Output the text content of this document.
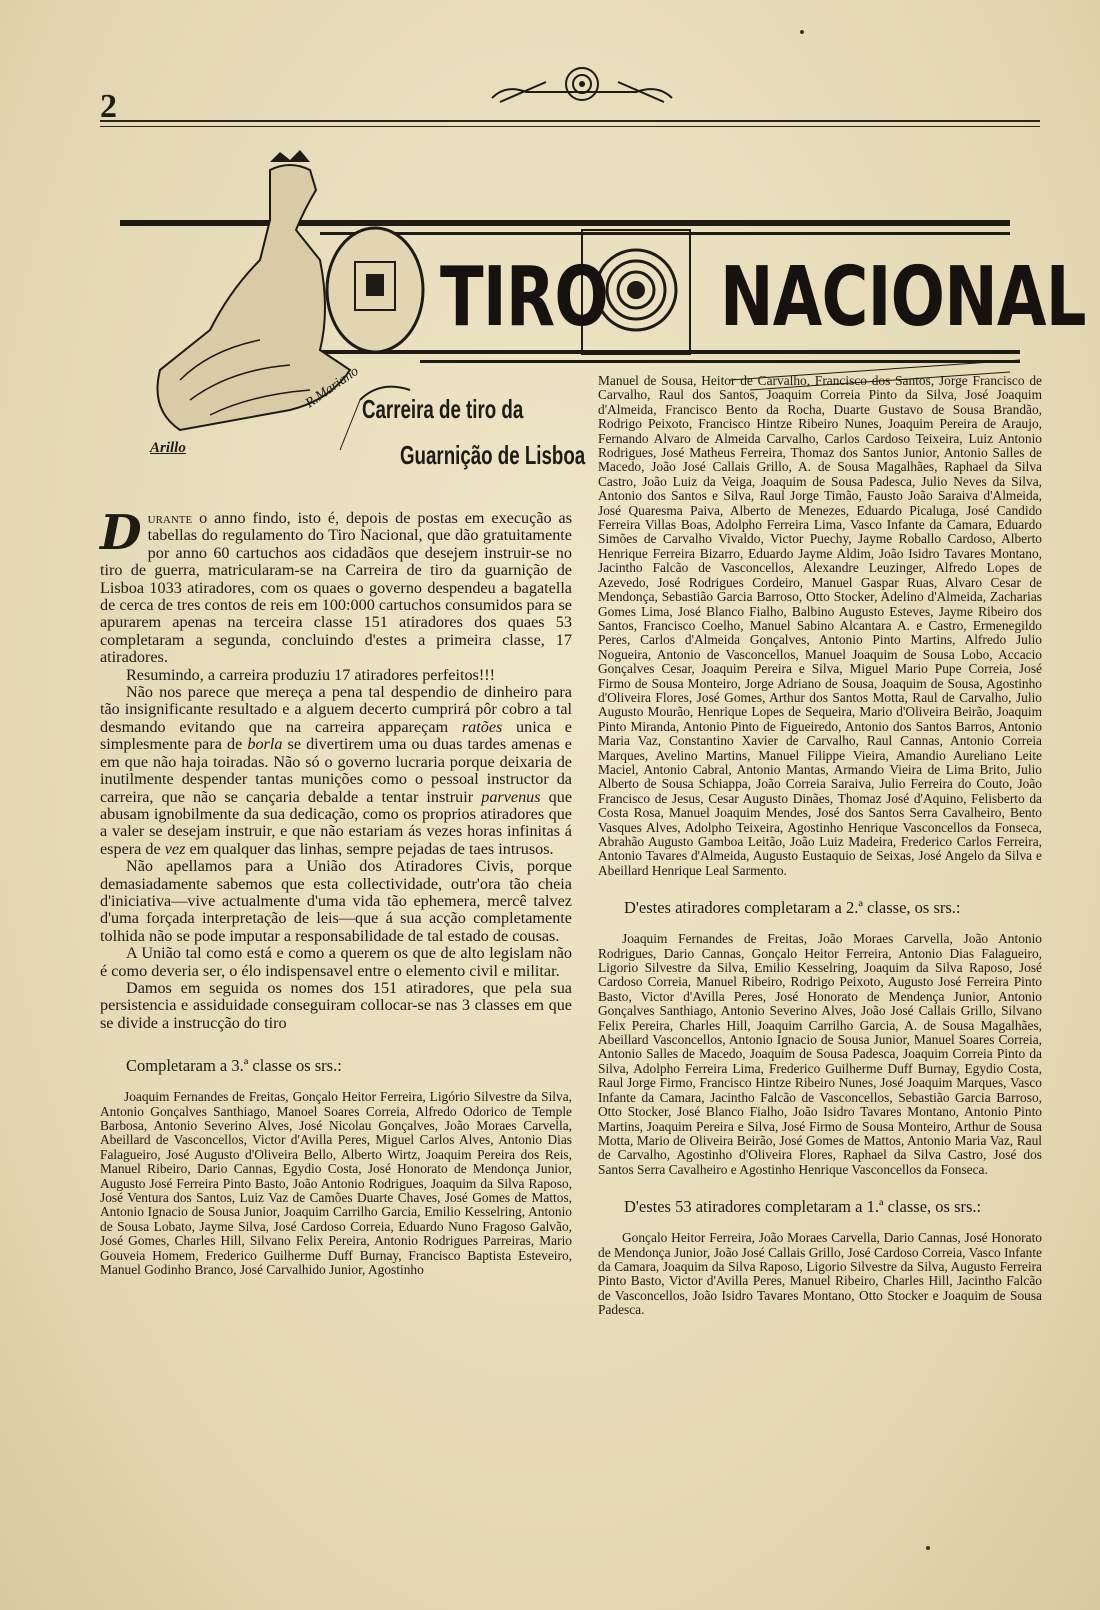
2
TIRO NACIONAL
Arillo
R.Mariano Carreira de tiro da
Guarnição de Lisboa

Durante o anno findo, isto é, depois de postas em execução as tabellas do regulamento do Tiro Nacional, que dão gratuitamente por anno 60 cartuchos aos cidadãos que desejem instruir-se no tiro de guerra, matricularam-se na Carreira de tiro da guarnição de Lisboa 1033 atiradores, com os quaes o governo despendeu a bagatella de cerca de tres contos de reis em 100:000 cartuchos consumidos para se apurarem apenas na terceira classe 151 atiradores dos quaes 53 completaram a segunda, concluindo d'estes a primeira classe, 17 atiradores.

Resumindo, a carreira produziu 17 atiradores perfeitos!!!

Não nos parece que mereça a pena tal despendio de dinheiro para tão insignificante resultado e a alguem decerto cumprirá pôr cobro a tal desmando evitando que na carreira appareçam ratões unica e simplesmente para de borla se divertirem uma ou duas tardes amenas e em que não haja toiradas. Não só o governo lucraria porque deixaria de inutilmente despender tantas munições como o pessoal instructor da carreira, que não se cançaria debalde a tentar instruir parvenus que abusam ignobilmente da sua dedicação, como os proprios atiradores que a valer se desejam instruir, e que não estariam ás vezes horas infinitas á espera de vez em qualquer das linhas, sempre pejadas de taes intrusos.

Não apellamos para a União dos Atiradores Civis, porque demasiadamente sabemos que esta collectividade, outr'ora tão cheia d'iniciativa—vive actualmente d'uma vida tão ephemera, mercê talvez d'uma forçada interpretação de leis—que á sua acção completamente tolhida não se pode imputar a responsabilidade de tal estado de cousas.

A União tal como está e como a querem os que de alto legislam não é como deveria ser, o élo indispensavel entre o elemento civil e militar.

Damos em seguida os nomes dos 151 atiradores, que pela sua persistencia e assiduidade conseguiram collocar-se nas 3 classes em que se divide a instrucção do tiro

Completaram a 3.ª classe os srs.:

Joaquim Fernandes de Freitas, Gonçalo Heitor Ferreira, Ligório Silvestre da Silva, Antonio Gonçalves Santhiago, Manoel Soares Correia, Alfredo Odorico de Temple Barbosa, Antonio Severino Alves, José Nicolau Gonçalves, João Moraes Carvella, Abeillard de Vasconcellos, Victor d'Avilla Peres, Miguel Carlos Alves, Antonio Dias Falagueiro, José Augusto d'Oliveira Bello, Alberto Wirtz, Joaquim Pereira dos Reis, Manuel Ribeiro, Dario Cannas, Egydio Costa, José Honorato de Mendonça Junior, Augusto José Ferreira Pinto Basto, João Antonio Rodrigues, Joaquim da Silva Raposo, José Ventura dos Santos, Luiz Vaz de Camões Duarte Chaves, José Gomes de Mattos, Antonio Ignacio de Sousa Junior, Joaquim Carrilho Garcia, Emilio Kesselring, Antonio de Sousa Lobato, Jayme Silva, José Cardoso Correia, Eduardo Nuno Fragoso Galvão, José Gomes, Charles Hill, Silvano Felix Pereira, Antonio Rodrigues Parreiras, Mario Gouveia Homem, Frederico Guilherme Duff Burnay, Francisco Baptista Esteveiro, Manuel Godinho Branco, José Carvalhido Junior, Agostinho

Manuel de Sousa, Heitor de Carvalho, Francisco dos Santos, Jorge Francisco de Carvalho, Raul dos Santos, Joaquim Correia Pinto da Silva, José Joaquim d'Almeida, Francisco Bento da Rocha, Duarte Gustavo de Sousa Brandão, Rodrigo Peixoto, Francisco Hintze Ribeiro Nunes, Joaquim Pereira de Araujo, Fernando Alvaro de Almeida Carvalho, Carlos Cardoso Teixeira, Luiz Antonio Rodrigues, José Matheus Ferreira, Thomaz dos Santos Junior, Antonio Salles de Macedo, João José Callais Grillo, A. de Sousa Magalhães, Raphael da Silva Castro, João Luiz da Veiga, Joaquim de Sousa Padesca, Julio Neves da Silva, Antonio dos Santos e Silva, Raul Jorge Timão, Fausto João Saraiva d'Almeida, José Quaresma Paiva, Alberto de Menezes, Eduardo Picaluga, José Candido Ferreira Villas Boas, Adolpho Ferreira Lima, Vasco Infante da Camara, Eduardo Simões de Carvalho Vivaldo, Victor Puechy, Jayme Roballo Cardoso, Alberto Henrique Ferreira Bizarro, Eduardo Jayme Aldim, João Isidro Tavares Montano, Jacintho Falcão de Vasconcellos, Alexandre Leuzinger, Alfredo Lopes de Azevedo, José Rodrigues Cordeiro, Manuel Gaspar Ruas, Alvaro Cesar de Mendonça, Sebastião Garcia Barroso, Otto Stocker, Adelino d'Almeida, Zacharias Gomes Lima, José Blanco Fialho, Balbino Augusto Esteves, Jayme Ribeiro dos Santos, Francisco Coelho, Manuel Sabino Alcantara A. e Castro, Ermenegildo Peres, Carlos d'Almeida Gonçalves, Antonio Pinto Martins, Alfredo Julio Nogueira, Antonio de Vasconcellos, Manuel Joaquim de Sousa Lobo, Accacio Gonçalves Cesar, Joaquim Pereira e Silva, Miguel Mario Pupe Correia, José Firmo de Sousa Monteiro, Jorge Adriano de Sousa, Joaquim de Sousa, Agostinho d'Oliveira Flores, José Gomes, Arthur dos Santos Motta, Raul de Carvalho, Julio Augusto Mourão, Henrique Lopes de Sequeira, Mario d'Oliveira Beirão, Joaquim Pinto Miranda, Antonio Pinto de Figueiredo, Antonio dos Santos Barros, Antonio Maria Vaz, Constantino Xavier de Carvalho, Raul Cannas, Antonio Correia Marques, Avelino Martins, Manuel Filippe Vieira, Amandio Aureliano Leite Maciel, Antonio Cabral, Antonio Mantas, Armando Vieira de Lima Brito, Julio Alberto de Sousa Schiappa, João Correia Saraiva, Julio Ferreira do Couto, João Francisco de Jesus, Cesar Augusto Dinães, Thomaz José d'Aquino, Felisberto da Costa Rosa, Manuel Joaquim Mendes, José dos Santos Serra Cavalheiro, Bento Vasques Alves, Adolpho Teixeira, Agostinho Henrique Vasconcellos da Fonseca, Abrahão Augusto Gamboa Leitão, João Luiz Madeira, Frederico Carlos Ferreira, Antonio Tavares d'Almeida, Augusto Eustaquio de Seixas, José Angelo da Silva e Abeillard Henrique Leal Sarmento.

D'estes atiradores completaram a 2.ª classe, os srs.:

Joaquim Fernandes de Freitas, João Moraes Carvella, João Antonio Rodrigues, Dario Cannas, Gonçalo Heitor Ferreira, Antonio Dias Falagueiro, Ligorio Silvestre da Silva, Emilio Kesselring, Joaquim da Silva Raposo, José Cardoso Correia, Manuel Ribeiro, Rodrigo Peixoto, Augusto José Ferreira Pinto Basto, Victor d'Avilla Peres, José Honorato de Mendença Junior, Antonio Gonçalves Santhiago, Antonio Severino Alves, João José Callais Grillo, Silvano Felix Pereira, Charles Hill, Joaquim Carrilho Garcia, A. de Sousa Magalhães, Abeillard Vasconcellos, Antonio Ignacio de Sousa Junior, Manuel Soares Correia, Antonio Salles de Macedo, Joaquim de Sousa Padesca, Joaquim Correia Pinto da Silva, Adolpho Ferreira Lima, Frederico Guilherme Duff Burnay, Egydio Costa, Raul Jorge Firmo, Francisco Hintze Ribeiro Nunes, José Joaquim Marques, Vasco Infante da Camara, Jacintho Falcão de Vasconcellos, Sebastião Garcia Barroso, Otto Stocker, José Blanco Fialho, João Isidro Tavares Montano, Antonio Pinto Martins, Joaquim Pereira e Silva, José Firmo de Sousa Monteiro, Arthur de Sousa Motta, Mario de Oliveira Beirão, José Gomes de Mattos, Antonio Maria Vaz, Raul de Carvalho, Agostinho d'Oliveira Flores, Raphael da Silva Castro, José dos Santos Serra Cavalheiro e Agostinho Henrique Vasconcellos da Fonseca.

D'estes 53 atiradores completaram a 1.ª classe, os srs.:

Gonçalo Heitor Ferreira, João Moraes Carvella, Dario Cannas, José Honorato de Mendonça Junior, João José Callais Grillo, José Cardoso Correia, Vasco Infante da Camara, Joaquim da Silva Raposo, Ligorio Silvestre da Silva, Augusto Ferreira Pinto Basto, Victor d'Avilla Peres, Manuel Ribeiro, Charles Hill, Jacintho Falcão de Vasconcellos, João Isidro Tavares Montano, Otto Stocker e Joaquim de Sousa Padesca.
